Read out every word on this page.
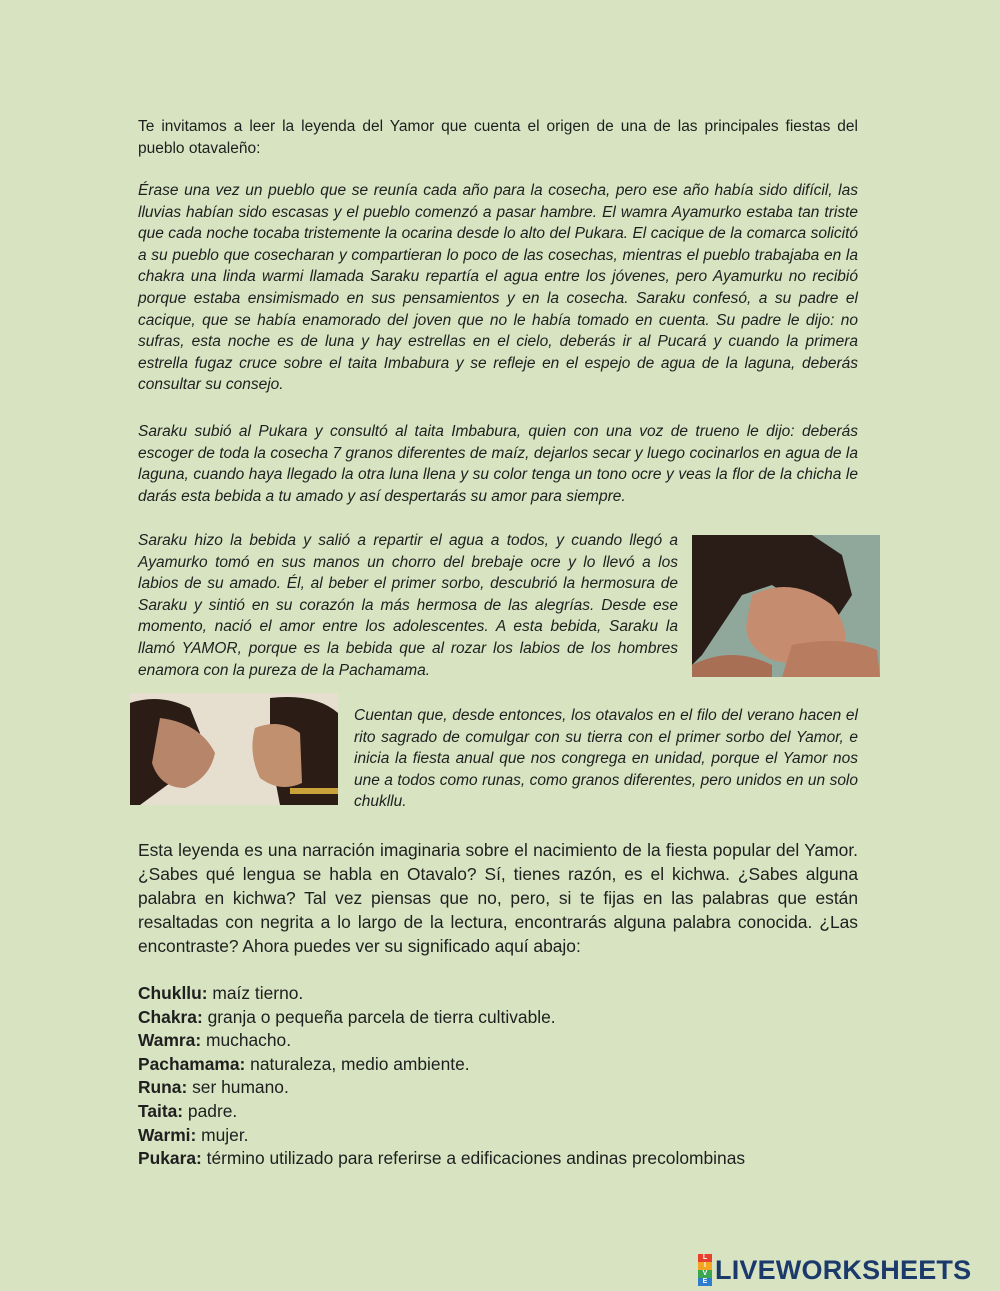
Te invitamos a leer la leyenda del Yamor que cuenta el origen de una de las principales fiestas del pueblo otavaleño:

Érase una vez un pueblo que se reunía cada año para la cosecha, pero ese año había sido difícil, las lluvias habían sido escasas y el pueblo comenzó a pasar hambre. El wamra Ayamurko estaba tan triste que cada noche tocaba tristemente la ocarina desde lo alto del Pukara. El cacique de la comarca solicitó a su pueblo que cosecharan y compartieran lo poco de las cosechas, mientras el pueblo trabajaba en la chakra una linda warmi llamada Saraku repartía el agua entre los jóvenes, pero Ayamurku no recibió porque estaba ensimismado en sus pensamientos y en la cosecha. Saraku confesó, a su padre el cacique, que se había enamorado del joven que no le había tomado en cuenta. Su padre le dijo: no sufras, esta noche es de luna y hay estrellas en el cielo, deberás ir al Pucará y cuando la primera estrella fugaz cruce sobre el taita Imbabura y se refleje en el espejo de agua de la laguna, deberás consultar su consejo.

Saraku subió al Pukara y consultó al taita Imbabura, quien con una voz de trueno le dijo: deberás escoger de toda la cosecha 7 granos diferentes de maíz, dejarlos secar y luego cocinarlos en agua de la laguna, cuando haya llegado la otra luna llena y su color tenga un tono ocre y veas la flor de la chicha le darás esta bebida a tu amado y así despertarás su amor para siempre.

Saraku hizo la bebida y salió a repartir el agua a todos, y cuando llegó a Ayamurko tomó en sus manos un chorro del brebaje ocre y lo llevó a los labios de su amado. Él, al beber el primer sorbo, descubrió la hermosura de Saraku y sintió en su corazón la más hermosa de las alegrías. Desde ese momento, nació el amor entre los adolescentes. A esta bebida, Saraku la llamó YAMOR, porque es la bebida que al rozar los labios de los hombres enamora con la pureza de la Pachamama.

Cuentan que, desde entonces, los otavalos en el filo del verano hacen el rito sagrado de comulgar con su tierra con el primer sorbo del Yamor, e inicia la fiesta anual que nos congrega en unidad, porque el Yamor nos une a todos como runas, como granos diferentes, pero unidos en un solo chukllu.

Esta leyenda es una narración imaginaria sobre el nacimiento de la fiesta popular del Yamor. ¿Sabes qué lengua se habla en Otavalo? Sí, tienes razón, es el kichwa. ¿Sabes alguna palabra en kichwa? Tal vez piensas que no, pero, si te fijas en las palabras que están resaltadas con negrita a lo largo de la lectura, encontrarás alguna palabra conocida. ¿Las encontraste? Ahora puedes ver su significado aquí abajo:

Chukllu: maíz tierno.
Chakra: granja o pequeña parcela de tierra cultivable.
Wamra: muchacho.
Pachamama: naturaleza, medio ambiente.
Runa: ser humano.
Taita: padre.
Warmi: mujer.
Pukara: término utilizado para referirse a edificaciones andinas precolombinas
L
I
V
E LIVEWORKSHEETS
